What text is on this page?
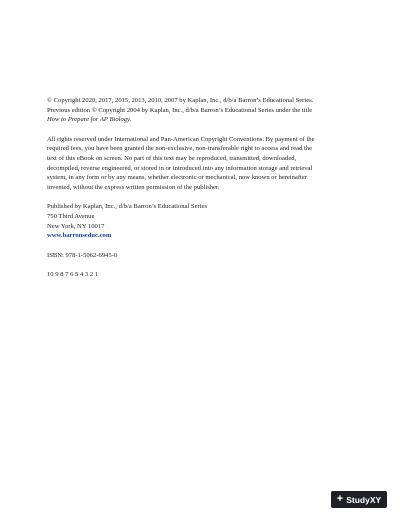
© Copyright 2020, 2017, 2015, 2013, 2010, 2007 by Kaplan, Inc., d/b/a Barron’s Educational Series.
Previous edition © Copyright 2004 by Kaplan, Inc., d/b/a Barron’s Educational Series under the title
How to Prepare for AP Biology.
All rights reserved under International and Pan-American Copyright Conventions. By payment of the
required fees, you have been granted the non-exclusive, non-transferable right to access and read the
text of this eBook on screen. No part of this text may be reproduced, transmitted, downloaded,
decompiled, reverse engineered, or stored in or introduced into any information storage and retrieval
system, in any form or by any means, whether electronic or mechanical, now known or hereinafter
invented, without the express written permission of the publisher.
Published by Kaplan, Inc., d/b/a Barron’s Educational Series
750 Third Avenue
New York, NY 10017
www.barronseduc.com
ISBN: 978-1-5062-6945-0
10 9 8 7 6 5 4 3 2 1
+ StudyXY
